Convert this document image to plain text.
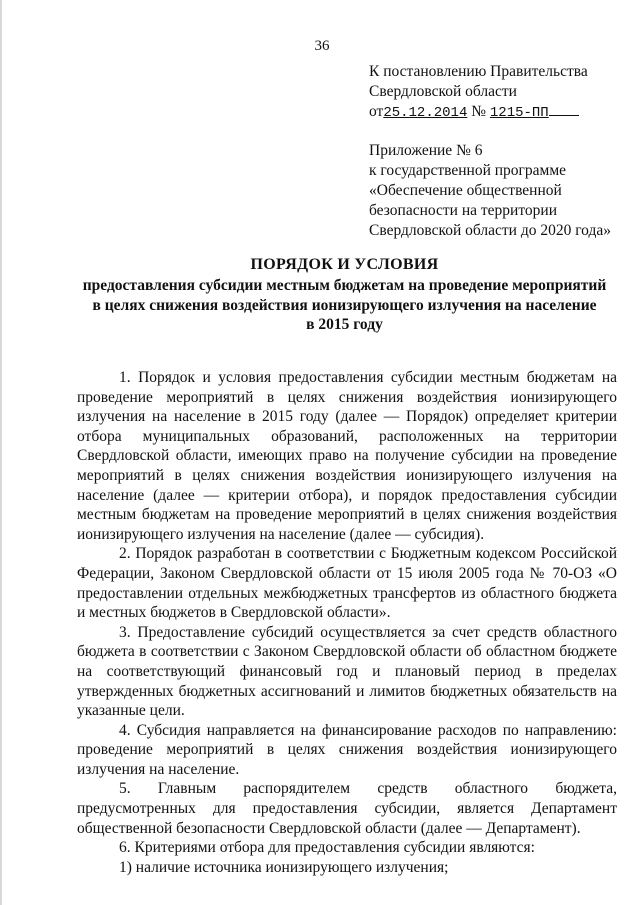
36
К постановлению Правительства
Свердловской области
от25.12.2014 № 1215-ПП
Приложение № 6
к государственной программе
«Обеспечение общественной
безопасности на территории
Свердловской области до 2020 года»
ПОРЯДОК И УСЛОВИЯ
предоставления субсидии местным бюджетам на проведение мероприятий
в целях снижения воздействия ионизирующего излучения на население
в 2015 году

1. Порядок и условия предоставления субсидии местным бюджетам на проведение мероприятий в целях снижения воздействия ионизирующего излучения на население в 2015 году (далее — Порядок) определяет критерии отбора муниципальных образований, расположенных на территории Свердловской области, имеющих право на получение субсидии на проведение мероприятий в целях снижения воздействия ионизирующего излучения на население (далее — критерии отбора), и порядок предоставления субсидии местным бюджетам на проведение мероприятий в целях снижения воздействия ионизирующего излучения на население (далее — субсидия).

2. Порядок разработан в соответствии с Бюджетным кодексом Российской Федерации, Законом Свердловской области от 15 июля 2005 года № 70-ОЗ «О предоставлении отдельных межбюджетных трансфертов из областного бюджета и местных бюджетов в Свердловской области».

3. Предоставление субсидий осуществляется за счет средств областного бюджета в соответствии с Законом Свердловской области об областном бюджете на соответствующий финансовый год и плановый период в пределах утвержденных бюджетных ассигнований и лимитов бюджетных обязательств на указанные цели.

4. Субсидия направляется на финансирование расходов по направлению: проведение мероприятий в целях снижения воздействия ионизирующего излучения на население.

5. Главным распорядителем средств областного бюджета, предусмотренных для предоставления субсидии, является Департамент общественной безопасности Свердловской области (далее — Департамент).

6. Критериями отбора для предоставления субсидии являются:

1) наличие источника ионизирующего излучения;
